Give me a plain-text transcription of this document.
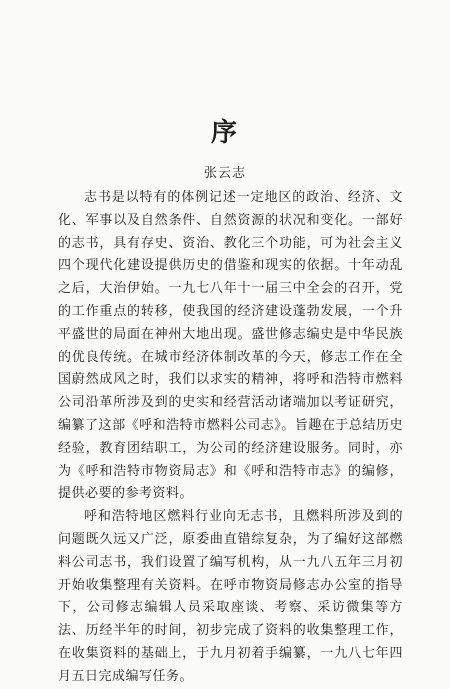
序
张云志

志书是以特有的体例记述一定地区的政治、经济、文化、军事以及自然条件、自然资源的状况和变化。一部好的志书，具有存史、资治、教化三个功能，可为社会主义四个现代化建设提供历史的借鉴和现实的依据。十年动乱之后，大治伊始。一九七八年十一届三中全会的召开，党的工作重点的转移，使我国的经济建设蓬勃发展，一个升平盛世的局面在神州大地出现。盛世修志编史是中华民族的优良传统。在城市经济体制改革的今天，修志工作在全国蔚然成风之时，我们以求实的精神，将呼和浩特市燃料公司沿革所涉及到的史实和经营活动诸端加以考证研究，编纂了这部《呼和浩特市燃料公司志》。旨趣在于总结历史经验，教育团结职工，为公司的经济建设服务。同时，亦为《呼和浩特市物资局志》和《呼和浩特市志》的编修，提供必要的参考资料。

呼和浩特地区燃料行业向无志书，且燃料所涉及到的问题既久远又广泛，原委曲直错综复杂，为了编好这部燃料公司志书，我们设置了编写机构，从一九八五年三月初开始收集整理有关资料。在呼市物资局修志办公室的指导下，公司修志编辑人员采取座谈、考察、采访微集等方法、历经半年的时间，初步完成了资料的收集整理工作，在收集资料的基础上，于九月初着手编纂，一九八七年四月五日完成编写任务。
